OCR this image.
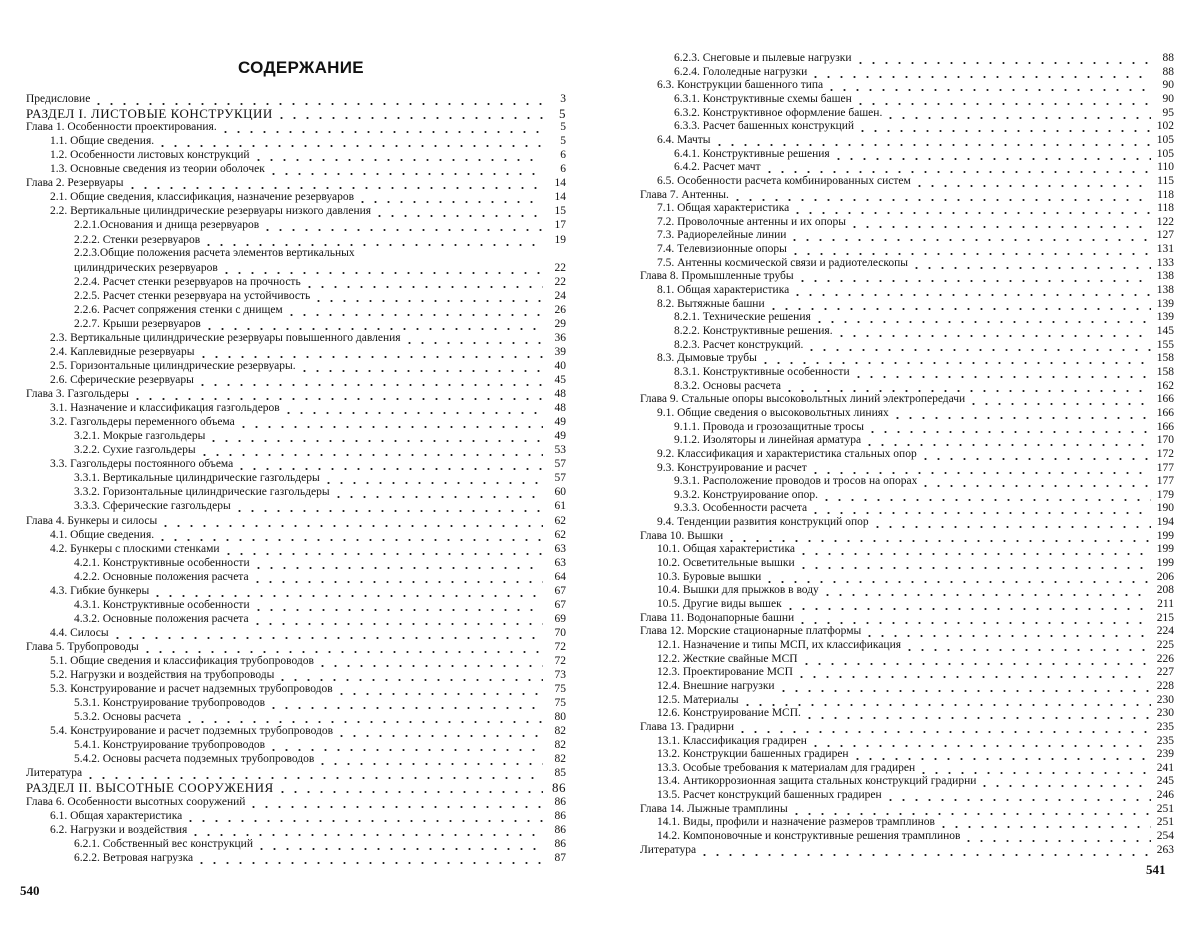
СОДЕРЖАНИЕ
Предисловие	3
РАЗДЕЛ I. ЛИСТОВЫЕ КОНСТРУКЦИИ	5
Глава 1. Особенности проектирования.	5
1.1. Общие сведения.	5
1.2. Особенности листовых конструкций	6
1.3. Основные сведения из теории оболочек	6
Глава 2. Резервуары	14
2.1. Общие сведения, классификация, назначение резервуаров	14
2.2. Вертикальные цилиндрические резервуары низкого давления	15
2.2.1.Основания и днища резервуаров	17
2.2.2. Стенки резервуаров	19
2.2.3.Общие положения расчета элементов вертикальных
цилиндрических резервуаров	22
2.2.4. Расчет стенки резервуаров на прочность	22
2.2.5. Расчет стенки резервуара на устойчивость	24
2.2.6. Расчет сопряжения стенки с днищем	26
2.2.7. Крыши резервуаров	29
2.3. Вертикальные цилиндрические резервуары повышенного давления	36
2.4. Каплевидные резервуары	39
2.5. Горизонтальные цилиндрические резервуары.	40
2.6. Сферические резервуары	45
Глава 3. Газгольдеры	48
3.1. Назначение и классификация газгольдеров	48
3.2. Газгольдеры переменного объема	49
3.2.1. Мокрые газгольдеры	49
3.2.2. Сухие газгольдеры	53
3.3. Газгольдеры постоянного объема	57
3.3.1. Вертикальные цилиндрические газгольдеры	57
3.3.2. Горизонтальные цилиндрические газгольдеры	60
3.3.3. Сферические газгольдеры	61
Глава 4. Бункеры и силосы	62
4.1. Общие сведения.	62
4.2. Бункеры с плоскими стенками	63
4.2.1. Конструктивные особенности	63
4.2.2. Основные положения расчета	64
4.3. Гибкие бункеры	67
4.3.1. Конструктивные особенности	67
4.3.2. Основные положения расчета	69
4.4. Силосы	70
Глава 5. Трубопроводы	72
5.1. Общие сведения и классификация трубопроводов	72
5.2. Нагрузки и воздействия на трубопроводы	73
5.3. Конструирование и расчет надземных трубопроводов	75
5.3.1. Конструирование трубопроводов	75
5.3.2. Основы расчета	80
5.4. Конструирование и расчет подземных трубопроводов	82
5.4.1. Конструирование трубопроводов	82
5.4.2. Основы расчета подземных трубопроводов	82
Литература	85
РАЗДЕЛ II. ВЫСОТНЫЕ СООРУЖЕНИЯ	86
Глава 6. Особенности высотных сооружений	86
6.1. Общая характеристика	86
6.2. Нагрузки и воздействия	86
6.2.1. Собственный вес конструкций	86
6.2.2. Ветровая нагрузка	87
540
6.2.3. Снеговые и пылевые нагрузки	88
6.2.4. Гололедные нагрузки	88
6.3. Конструкции башенного типа	90
6.3.1. Конструктивные схемы башен	90
6.3.2. Конструктивное оформление башен.	95
6.3.3. Расчет башенных конструкций	102
6.4. Мачты	105
6.4.1. Конструктивные решения	105
6.4.2. Расчет мачт	110
6.5. Особенности расчета комбинированных систем	115
Глава 7. Антенны.	118
7.1. Общая характеристика	118
7.2. Проволочные антенны и их опоры	122
7.3. Радиорелейные линии	127
7.4. Телевизионные опоры	131
7.5. Антенны космической связи и радиотелескопы	133
Глава 8. Промышленные трубы	138
8.1. Общая характеристика	138
8.2. Вытяжные башни	139
8.2.1. Технические решения	139
8.2.2. Конструктивные решения.	145
8.2.3. Расчет конструкций.	155
8.3. Дымовые трубы	158
8.3.1. Конструктивные особенности	158
8.3.2. Основы расчета	162
Глава 9. Стальные опоры высоковольтных линий электропередачи	166
9.1. Общие сведения о высоковольтных линиях	166
9.1.1. Провода и грозозащитные тросы	166
9.1.2. Изоляторы и линейная арматура	170
9.2. Классификация и характеристика стальных опор	172
9.3. Конструирование и расчет	177
9.3.1. Расположение проводов и тросов на опорах	177
9.3.2. Конструирование опор.	179
9.3.3. Особенности расчета	190
9.4. Тенденции развития конструкций опор	194
Глава 10. Вышки	199
10.1. Общая характеристика	199
10.2. Осветительные вышки	199
10.3. Буровые вышки	206
10.4. Вышки для прыжков в воду	208
10.5. Другие виды вышек	211
Глава 11. Водонапорные башни	215
Глава 12. Морские стационарные платформы	224
12.1. Назначение и типы МСП, их классификация	225
12.2. Жесткие свайные МСП	226
12.3. Проектирование МСП	227
12.4. Внешние нагрузки	228
12.5. Материалы	230
12.6. Конструирование МСП.	230
Глава 13. Градирни	235
13.1. Классификация градирен	235
13.2. Конструкции башенных градирен	239
13.3. Особые требования к материалам для градирен	241
13.4. Антикоррозионная защита стальных конструкций градирни	245
13.5. Расчет конструкций башенных градирен	246
Глава 14. Лыжные трамплины	251
14.1. Виды, профили и назначение размеров трамплинов	251
14.2. Компоновочные и конструктивные решения трамплинов	254
Литература	263
541
